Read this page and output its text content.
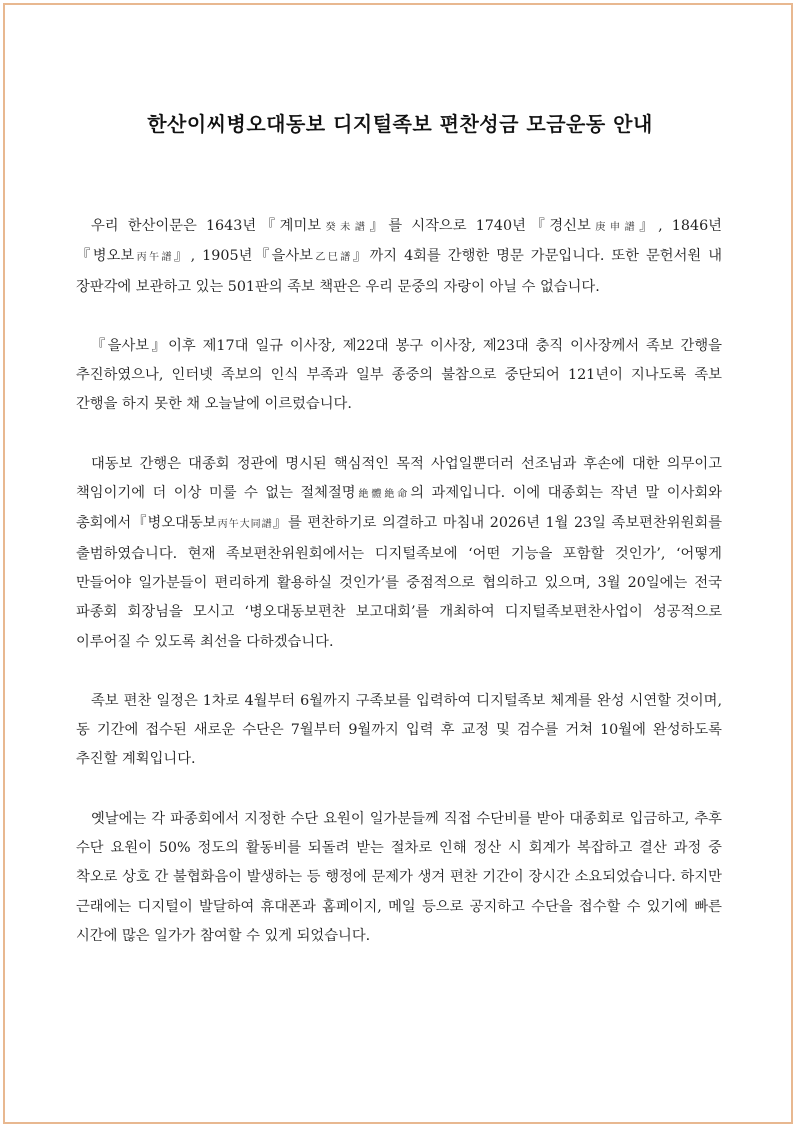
한산이씨병오대동보 디지털족보 편찬성금 모금운동 안내

우리 한산이문은 1643년『계미보癸未譜』를 시작으로 1740년『경신보庚申譜』, 1846년『병오보丙午譜』, 1905년『을사보乙巳譜』까지 4회를 간행한 명문 가문입니다. 또한 문헌서원 내 장판각에 보관하고 있는 501판의 족보 책판은 우리 문중의 자랑이 아닐 수 없습니다.

『을사보』이후 제17대 일규 이사장, 제22대 봉구 이사장, 제23대 충직 이사장께서 족보 간행을 추진하였으나, 인터넷 족보의 인식 부족과 일부 종중의 불참으로 중단되어 121년이 지나도록 족보 간행을 하지 못한 채 오늘날에 이르렀습니다.

대동보 간행은 대종회 정관에 명시된 핵심적인 목적 사업일뿐더러 선조님과 후손에 대한 의무이고 책임이기에 더 이상 미룰 수 없는 절체절명絶體絶命의 과제입니다. 이에 대종회는 작년 말 이사회와 총회에서『병오대동보丙午大同譜』를 편찬하기로 의결하고 마침내 2026년 1월 23일 족보편찬위원회를 출범하였습니다. 현재 족보편찬위원회에서는 디지털족보에 ‘어떤 기능을 포함할 것인가’, ‘어떻게 만들어야 일가분들이 편리하게 활용하실 것인가’를 중점적으로 협의하고 있으며, 3월 20일에는 전국 파종회 회장님을 모시고 ‘병오대동보편찬 보고대회’를 개최하여 디지털족보편찬사업이 성공적으로 이루어질 수 있도록 최선을 다하겠습니다.

족보 편찬 일정은 1차로 4월부터 6월까지 구족보를 입력하여 디지털족보 체계를 완성 시연할 것이며, 동 기간에 접수된 새로운 수단은 7월부터 9월까지 입력 후 교정 및 검수를 거쳐 10월에 완성하도록 추진할 계획입니다.

옛날에는 각 파종회에서 지정한 수단 요원이 일가분들께 직접 수단비를 받아 대종회로 입금하고, 추후 수단 요원이 50% 정도의 활동비를 되돌려 받는 절차로 인해 정산 시 회계가 복잡하고 결산 과정 중 착오로 상호 간 불협화음이 발생하는 등 행정에 문제가 생겨 편찬 기간이 장시간 소요되었습니다. 하지만 근래에는 디지털이 발달하여 휴대폰과 홈페이지, 메일 등으로 공지하고 수단을 접수할 수 있기에 빠른 시간에 많은 일가가 참여할 수 있게 되었습니다.
